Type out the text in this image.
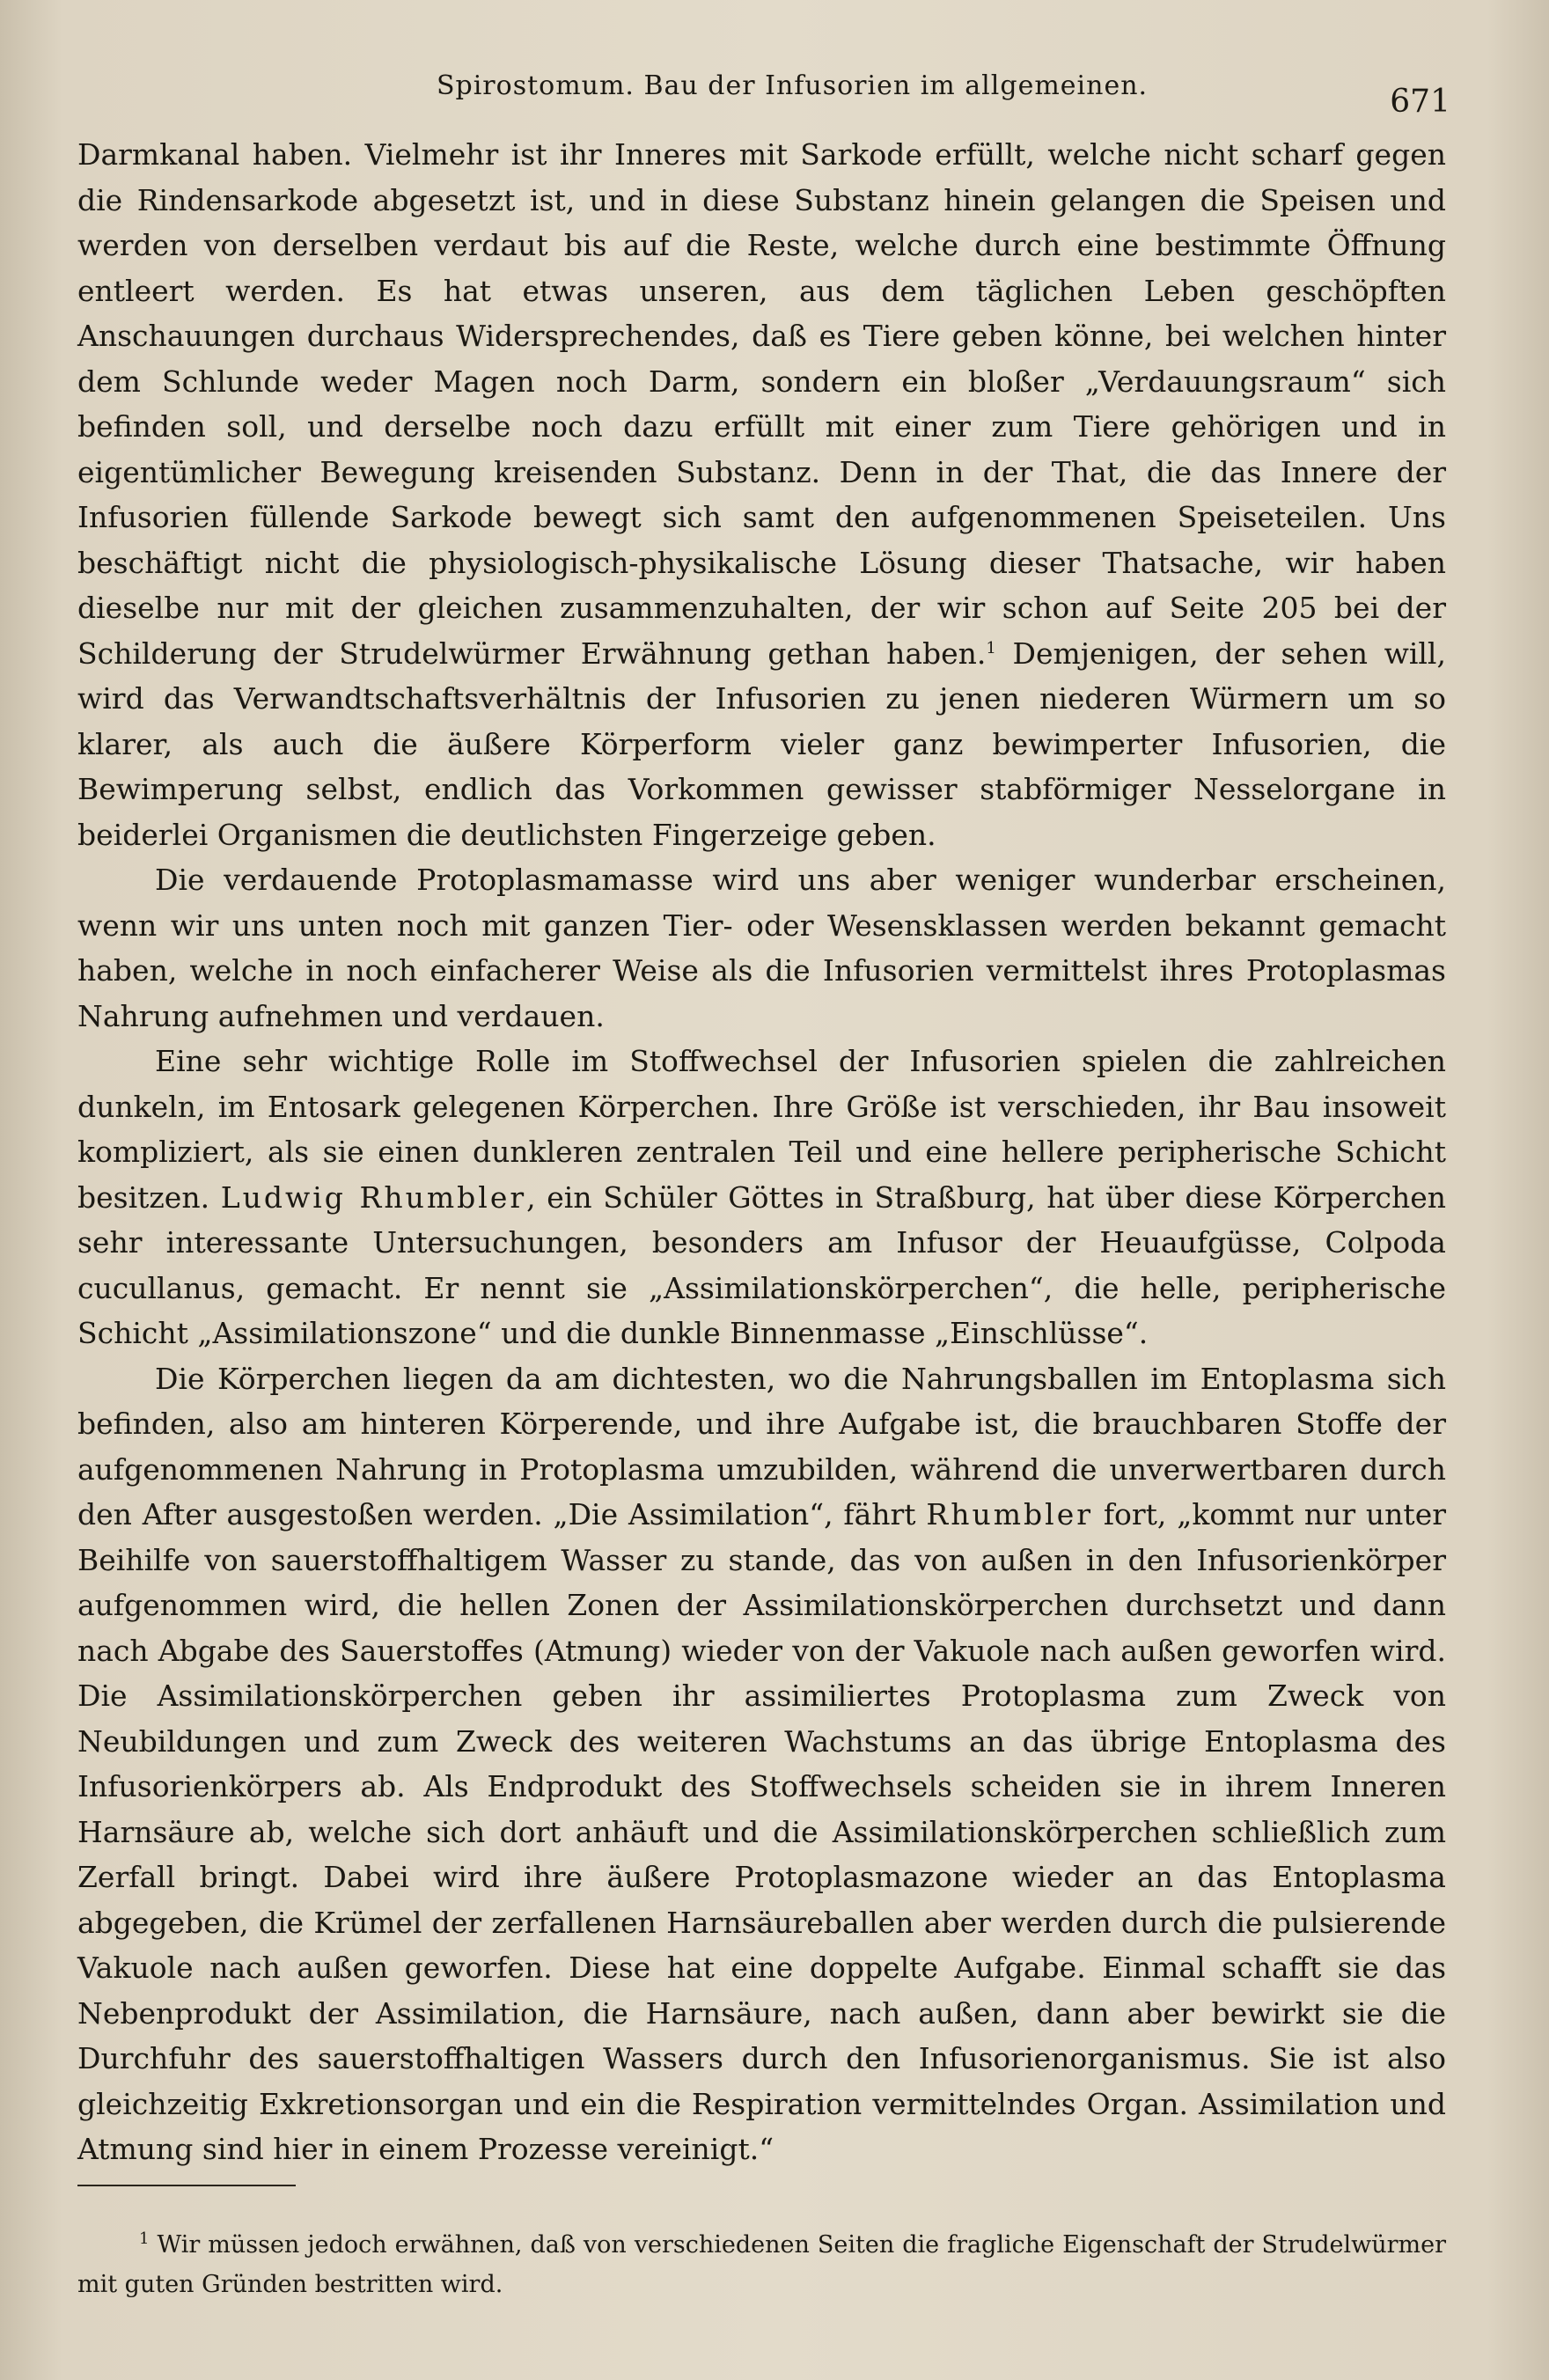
Spirostomum. Bau der Infusorien im allgemeinen.	671

Darmkanal haben. Vielmehr ist ihr Inneres mit Sarkode erfüllt, welche nicht scharf gegen die Rindensarkode abgesetzt ist, und in diese Substanz hinein gelangen die Speisen und werden von derselben verdaut bis auf die Reste, welche durch eine bestimmte Öffnung entleert werden. Es hat etwas unseren, aus dem täglichen Leben geschöpften Anschauungen durchaus Widersprechendes, daß es Tiere geben könne, bei welchen hinter dem Schlunde weder Magen noch Darm, sondern ein bloßer „Verdauungsraum“ sich befinden soll, und derselbe noch dazu erfüllt mit einer zum Tiere gehörigen und in eigentümlicher Bewegung kreisenden Substanz. Denn in der That, die das Innere der Infusorien füllende Sarkode bewegt sich samt den aufgenommenen Speiseteilen. Uns beschäftigt nicht die physiologisch-physikalische Lösung dieser Thatsache, wir haben dieselbe nur mit der gleichen zusammenzuhalten, der wir schon auf Seite 205 bei der Schilderung der Strudelwürmer Erwähnung gethan haben.$^1$ Demjenigen, der sehen will, wird das Verwandtschaftsverhältnis der Infusorien zu jenen niederen Würmern um so klarer, als auch die äußere Körperform vieler ganz bewimperter Infusorien, die Bewimperung selbst, endlich das Vorkommen gewisser stabförmiger Nesselorgane in beiderlei Organismen die deutlichsten Fingerzeige geben.

Die verdauende Protoplasmamasse wird uns aber weniger wunderbar erscheinen, wenn wir uns unten noch mit ganzen Tier- oder Wesensklassen werden bekannt gemacht haben, welche in noch einfacherer Weise als die Infusorien vermittelst ihres Protoplasmas Nahrung aufnehmen und verdauen.

Eine sehr wichtige Rolle im Stoffwechsel der Infusorien spielen die zahlreichen dunkeln, im Entosark gelegenen Körperchen. Ihre Größe ist verschieden, ihr Bau insoweit kompliziert, als sie einen dunkleren zentralen Teil und eine hellere peripherische Schicht besitzen. Ludwig Rhumbler, ein Schüler Göttes in Straßburg, hat über diese Körperchen sehr interessante Untersuchungen, besonders am Infusor der Heuaufgüsse, Colpoda cucullanus, gemacht. Er nennt sie „Assimilationskörperchen“, die helle, peripherische Schicht „Assimilationszone“ und die dunkle Binnenmasse „Einschlüsse“.

Die Körperchen liegen da am dichtesten, wo die Nahrungsballen im Entoplasma sich befinden, also am hinteren Körperende, und ihre Aufgabe ist, die brauchbaren Stoffe der aufgenommenen Nahrung in Protoplasma umzubilden, während die unverwertbaren durch den After ausgestoßen werden. „Die Assimilation“, fährt Rhumbler fort, „kommt nur unter Beihilfe von sauerstoffhaltigem Wasser zu stande, das von außen in den Infusorienkörper aufgenommen wird, die hellen Zonen der Assimilationskörperchen durchsetzt und dann nach Abgabe des Sauerstoffes (Atmung) wieder von der Vakuole nach außen geworfen wird. Die Assimilationskörperchen geben ihr assimiliertes Protoplasma zum Zweck von Neubildungen und zum Zweck des weiteren Wachstums an das übrige Entoplasma des Infusorienkörpers ab. Als Endprodukt des Stoffwechsels scheiden sie in ihrem Inneren Harnsäure ab, welche sich dort anhäuft und die Assimilationskörperchen schließlich zum Zerfall bringt. Dabei wird ihre äußere Protoplasmazone wieder an das Entoplasma abgegeben, die Krümel der zerfallenen Harnsäureballen aber werden durch die pulsierende Vakuole nach außen geworfen. Diese hat eine doppelte Aufgabe. Einmal schafft sie das Nebenprodukt der Assimilation, die Harnsäure, nach außen, dann aber bewirkt sie die Durchfuhr des sauerstoffhaltigen Wassers durch den Infusorienorganismus. Sie ist also gleichzeitig Exkretionsorgan und ein die Respiration vermittelndes Organ. Assimilation und Atmung sind hier in einem Prozesse vereinigt.“

$^1$ Wir müssen jedoch erwähnen, daß von verschiedenen Seiten die fragliche Eigenschaft der Strudelwürmer mit guten Gründen bestritten wird.
